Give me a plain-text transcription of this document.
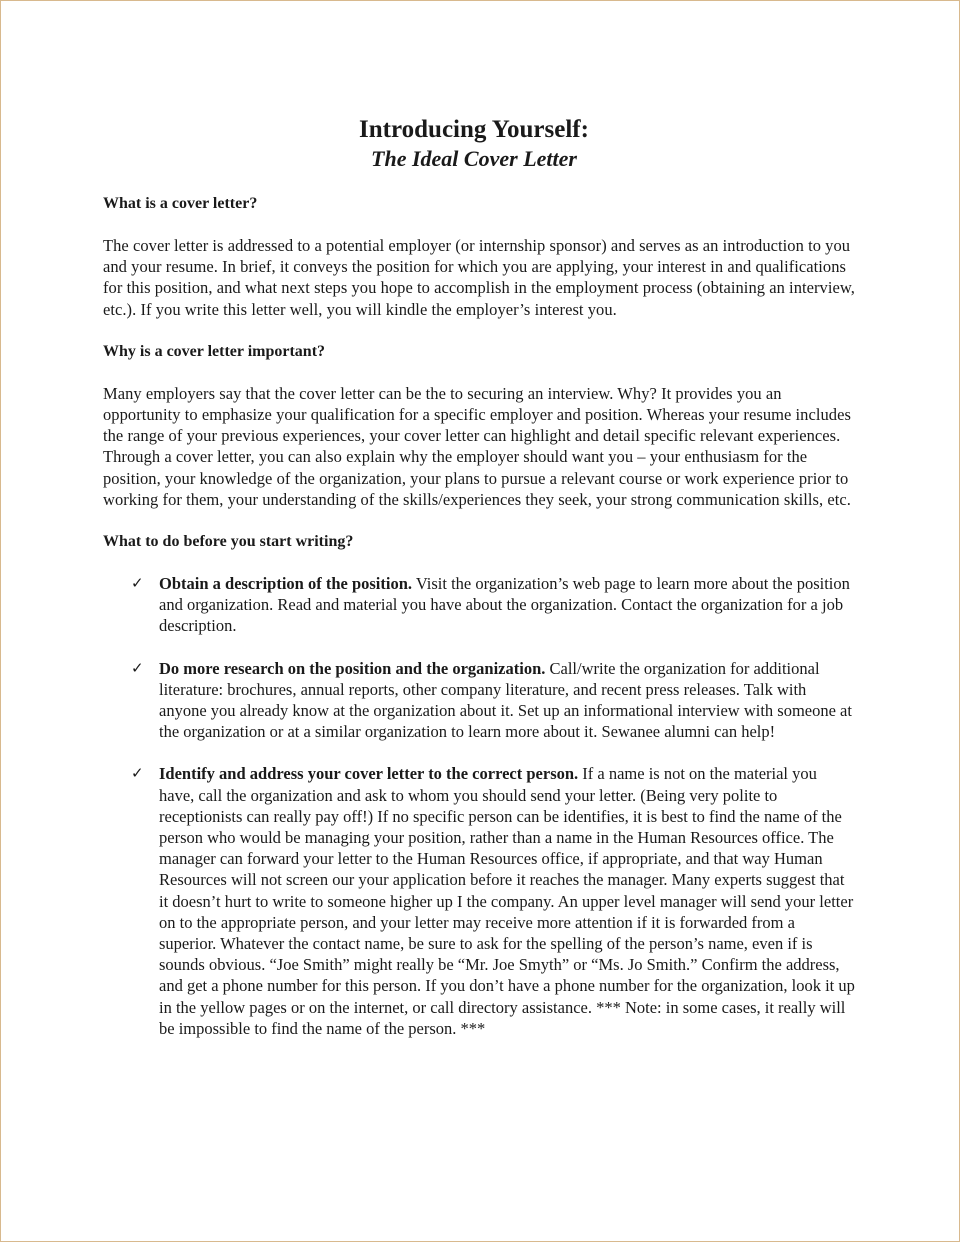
Introducing Yourself:
The Ideal Cover Letter
What is a cover letter?

The cover letter is addressed to a potential employer (or internship sponsor) and serves as an introduction to you and your resume. In brief, it conveys the position for which you are applying, your interest in and qualifications for this position, and what next steps you hope to accomplish in the employment process (obtaining an interview, etc.). If you write this letter well, you will kindle the employer’s interest you.

Why is a cover letter important?

Many employers say that the cover letter can be the to securing an interview. Why? It provides you an opportunity to emphasize your qualification for a specific employer and position. Whereas your resume includes the range of your previous experiences, your cover letter can highlight and detail specific relevant experiences. Through a cover letter, you can also explain why the employer should want you – your enthusiasm for the position, your knowledge of the organization, your plans to pursue a relevant course or work experience prior to working for them, your understanding of the skills/experiences they seek, your strong communication skills, etc.

What to do before you start writing?
✓ Obtain a description of the position. Visit the organization’s web page to learn more about the position and organization. Read and material you have about the organization. Contact the organization for a job description.
✓ Do more research on the position and the organization. Call/write the organization for additional literature: brochures, annual reports, other company literature, and recent press releases. Talk with anyone you already know at the organization about it. Set up an informational interview with someone at the organization or at a similar organization to learn more about it. Sewanee alumni can help!
✓ Identify and address your cover letter to the correct person. If a name is not on the material you have, call the organization and ask to whom you should send your letter. (Being very polite to receptionists can really pay off!) If no specific person can be identifies, it is best to find the name of the person who would be managing your position, rather than a name in the Human Resources office. The manager can forward your letter to the Human Resources office, if appropriate, and that way Human Resources will not screen our your application before it reaches the manager. Many experts suggest that it doesn’t hurt to write to someone higher up I the company. An upper level manager will send your letter on to the appropriate person, and your letter may receive more attention if it is forwarded from a superior. Whatever the contact name, be sure to ask for the spelling of the person’s name, even if is sounds obvious. “Joe Smith” might really be “Mr. Joe Smyth” or “Ms. Jo Smith.” Confirm the address, and get a phone number for this person. If you don’t have a phone number for the organization, look it up in the yellow pages or on the internet, or call directory assistance. *** Note: in some cases, it really will be impossible to find the name of the person. ***
